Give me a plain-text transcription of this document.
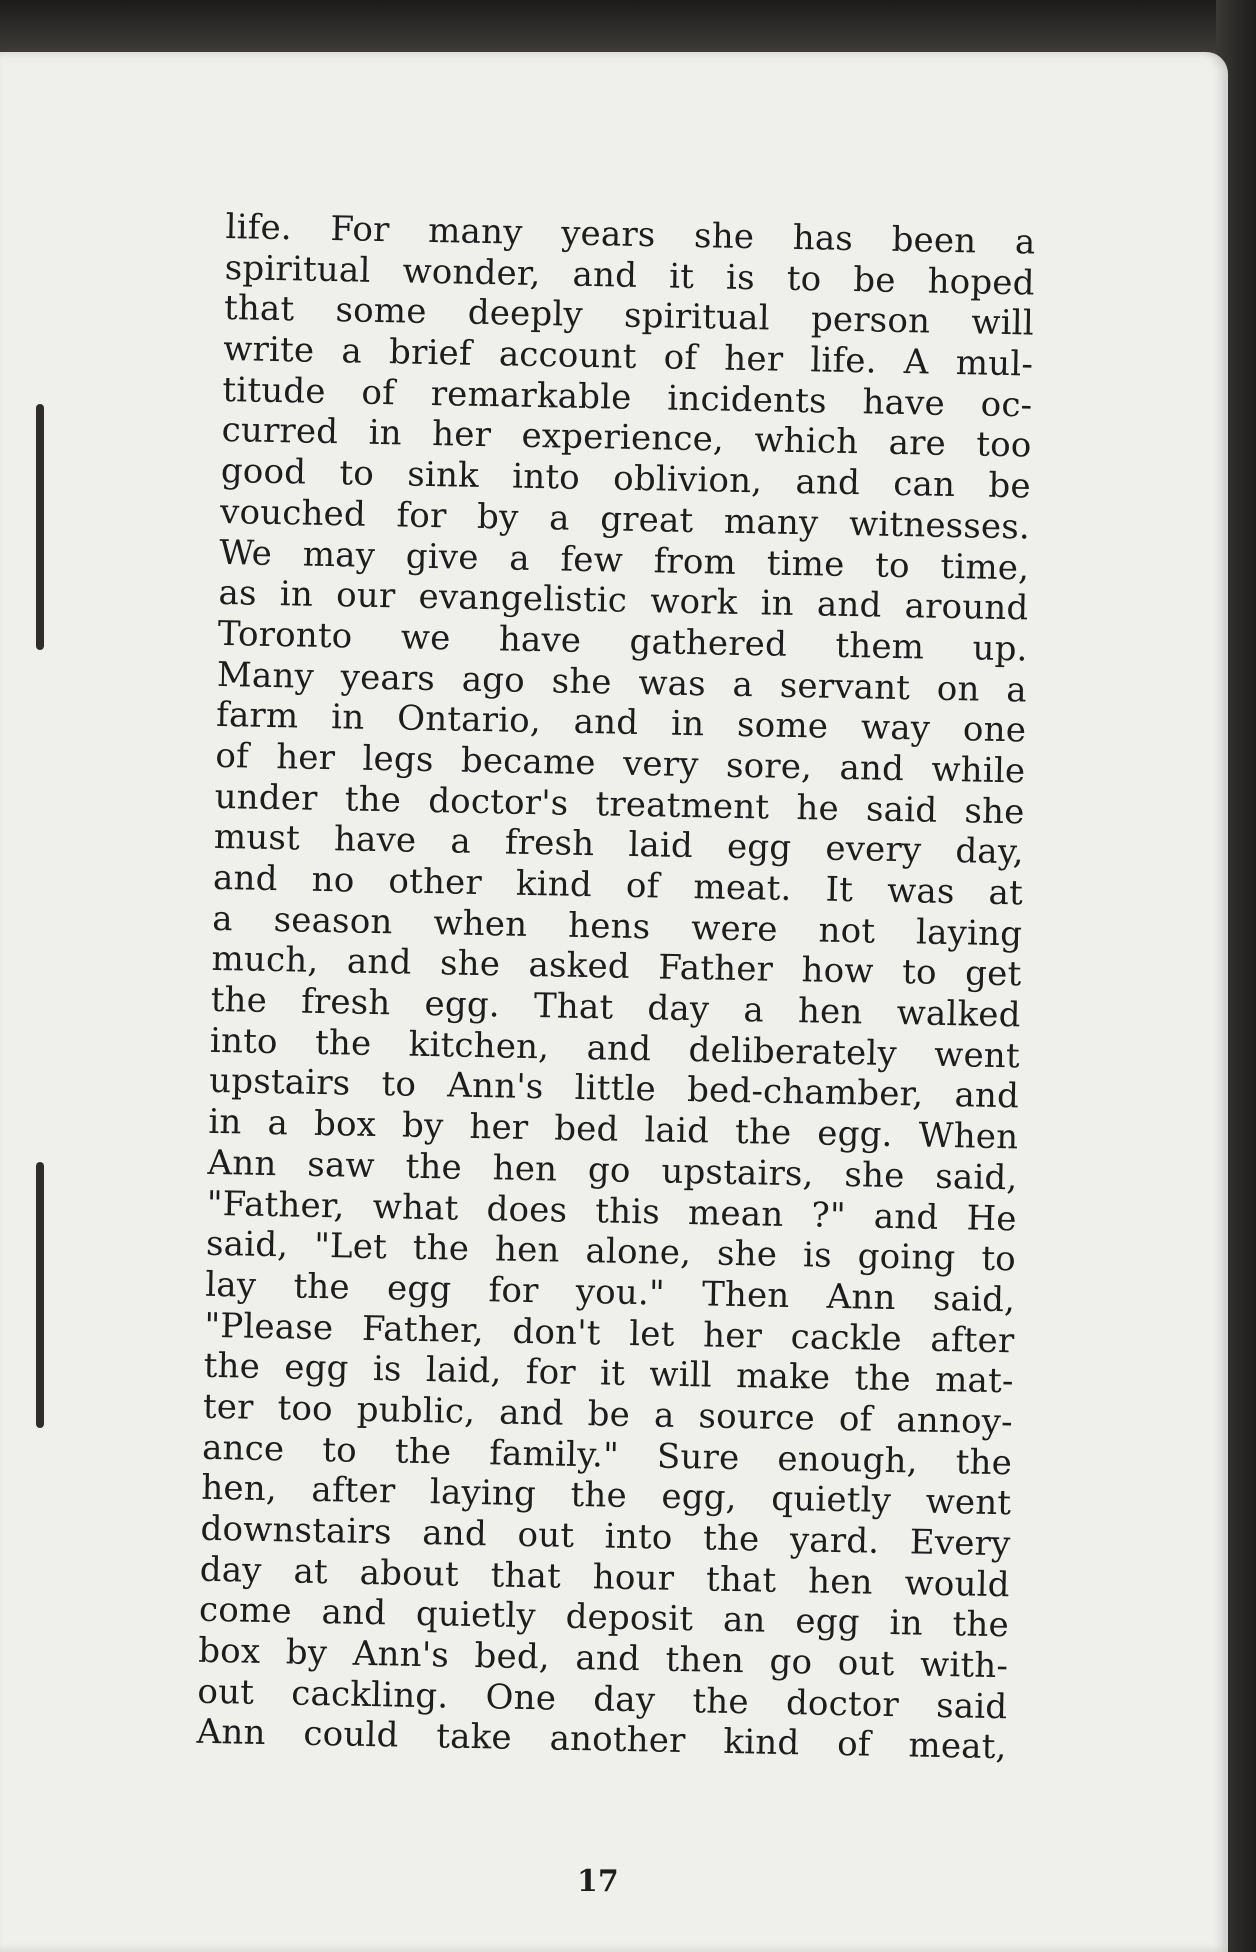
life. For many years she has been a
spiritual wonder, and it is to be hoped
that some deeply spiritual person will
write a brief account of her life. A mul-
titude of remarkable incidents have oc-
curred in her experience, which are too
good to sink into oblivion, and can be
vouched for by a great many witnesses.
We may give a few from time to time,
as in our evangelistic work in and around
Toronto we have gathered them up.
Many years ago she was a servant on a
farm in Ontario, and in some way one
of her legs became very sore, and while
under the doctor's treatment he said she
must have a fresh laid egg every day,
and no other kind of meat. It was at
a season when hens were not laying
much, and she asked Father how to get
the fresh egg. That day a hen walked
into the kitchen, and deliberately went
upstairs to Ann's little bed-chamber, and
in a box by her bed laid the egg. When
Ann saw the hen go upstairs, she said,
"Father, what does this mean ?" and He
said, "Let the hen alone, she is going to
lay the egg for you." Then Ann said,
"Please Father, don't let her cackle after
the egg is laid, for it will make the mat-
ter too public, and be a source of annoy-
ance to the family." Sure enough, the
hen, after laying the egg, quietly went
downstairs and out into the yard. Every
day at about that hour that hen would
come and quietly deposit an egg in the
box by Ann's bed, and then go out with-
out cackling. One day the doctor said
Ann could take another kind of meat,
17
